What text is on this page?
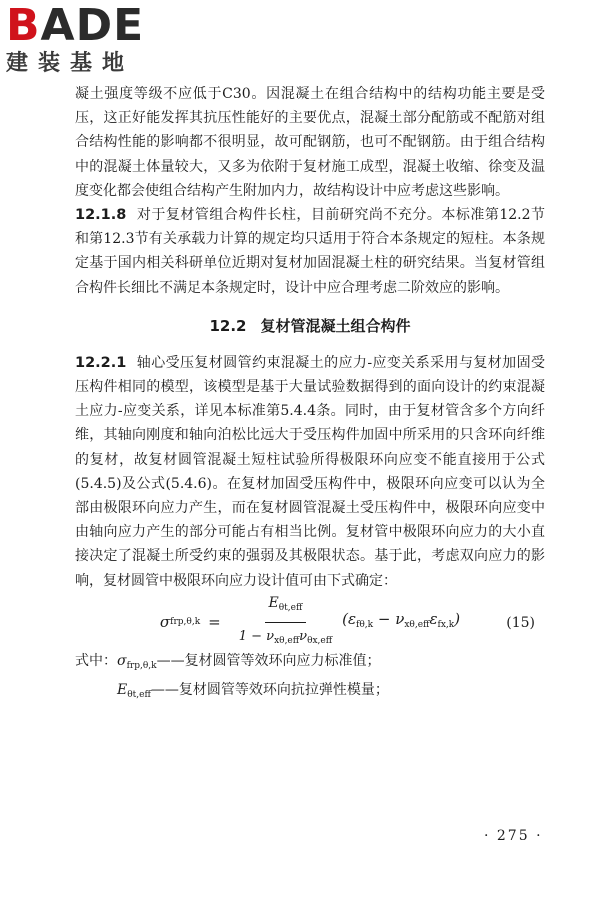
BADE
建装基地

凝土强度等级不应低于C30。因混凝土在组合结构中的结构功能主要是受压，这正好能发挥其抗压性能好的主要优点，混凝土部分配筋或不配筋对组合结构性能的影响都不很明显，故可配钢筋，也可不配钢筋。由于组合结构中的混凝土体量较大，又多为依附于复材施工成型，混凝土收缩、徐变及温度变化都会使组合结构产生附加内力，故结构设计中应考虑这些影响。

12.1.8 对于复材管组合构件长柱，目前研究尚不充分。本标准第12.2节和第12.3节有关承载力计算的规定均只适用于符合本条规定的短柱。本条规定基于国内相关科研单位近期对复材加固混凝土柱的研究结果。当复材管组合构件长细比不满足本条规定时，设计中应合理考虑二阶效应的影响。

12.2 复材管混凝土组合构件

12.2.1 轴心受压复材圆管约束混凝土的应力-应变关系采用与复材加固受压构件相同的模型，该模型是基于大量试验数据得到的面向设计的约束混凝土应力-应变关系，详见本标准第5.4.4条。同时，由于复材管含多个方向纤维，其轴向刚度和轴向泊松比远大于受压构件加固中所采用的只含环向纤维的复材，故复材圆管混凝土短柱试验所得极限环向应变不能直接用于公式(5.4.5)及公式(5.4.6)。在复材加固受压构件中，极限环向应变可以认为全部由极限环向应力产生，而在复材圆管混凝土受压构件中，极限环向应变中由轴向应力产生的部分可能占有相当比例。复材管中极限环向应力的大小直接决定了混凝土所受约束的强弱及其极限状态。基于此，考虑双向应力的影响，复材圆管中极限环向应力设计值可由下式确定：

σ $frp,\theta,k = \frac{E_{\theta t,eff}}{1 - \nu_{x\theta,eff}\nu_{\theta x,eff}} (\varepsilon_{f\theta,k} - \nu_{x\theta,eff}\varepsilon_{fx,k})$	(15)

式中：$\sigma_{frp,\theta,k}——$复材圆管等效环向应力标准值；

$E_{\theta t,eff}——$复材圆管等效环向抗拉弹性模量；

· 275 ·
